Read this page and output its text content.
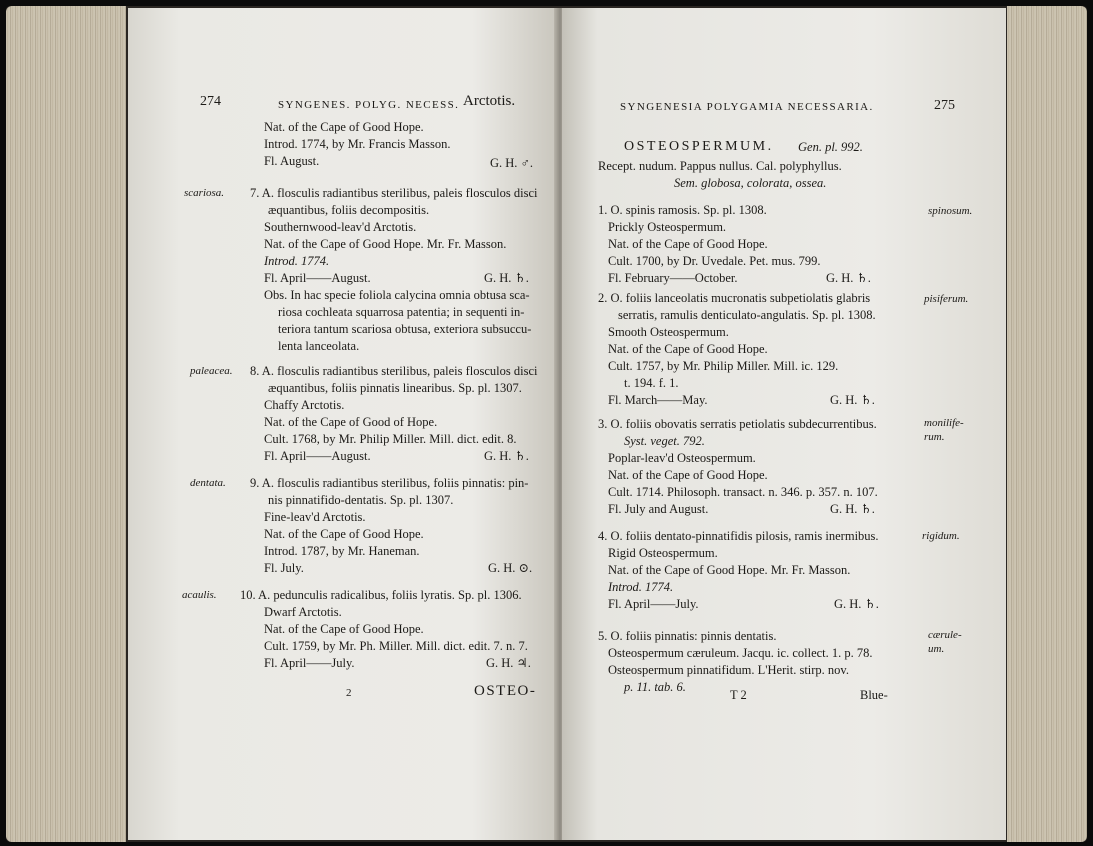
274	SYNGENES. POLYG. NECESS. Arctotis.
Nat. of the Cape of Good Hope.
Introd. 1774, by Mr. Francis Masson.
Fl. August.	G. H. ♂.
scariosa. 7. A. flosculis radiantibus sterilibus, paleis flosculos disci
æquantibus, foliis decompositis.
Southernwood-leav'd Arctotis.
Nat. of the Cape of Good Hope. Mr. Fr. Masson.
Introd. 1774.
Fl. April——August.	G. H. ♄.
Obs. In hac specie foliola calycina omnia obtusa sca-
riosa cochleata squarrosa patentia; in sequenti in-
teriora tantum scariosa obtusa, exteriora subsuccu-
lenta lanceolata.
paleacea. 8. A. flosculis radiantibus sterilibus, paleis flosculos disci
æquantibus, foliis pinnatis linearibus. Sp. pl. 1307.
Chaffy Arctotis.
Nat. of the Cape of Good of Hope.
Cult. 1768, by Mr. Philip Miller. Mill. dict. edit. 8.
Fl. April——August.	G. H. ♄.
dentata. 9. A. flosculis radiantibus sterilibus, foliis pinnatis: pin-
nis pinnatifido-dentatis. Sp. pl. 1307.
Fine-leav'd Arctotis.
Nat. of the Cape of Good Hope.
Introd. 1787, by Mr. Haneman.
Fl. July.	G. H. ⊙.
acaulis. 10. A. pedunculis radicalibus, foliis lyratis. Sp. pl. 1306.
Dwarf Arctotis.
Nat. of the Cape of Good Hope.
Cult. 1759, by Mr. Ph. Miller. Mill. dict. edit. 7. n. 7.
Fl. April——July.	G. H. ♃.
2	OSTEO-
SYNGENESIA POLYGAMIA NECESSARIA.	275
OSTEOSPERMUM. Gen. pl. 992.
Recept. nudum. Pappus nullus. Cal. polyphyllus.
Sem. globosa, colorata, ossea.
spinosum.
1. O. spinis ramosis. Sp. pl. 1308.
Prickly Osteospermum.
Nat. of the Cape of Good Hope.
Cult. 1700, by Dr. Uvedale. Pet. mus. 799.
Fl. February——October.	G. H. ♄.
pisiferum.
2. O. foliis lanceolatis mucronatis subpetiolatis glabris
serratis, ramulis denticulato-angulatis. Sp. pl. 1308.
Smooth Osteospermum.
Nat. of the Cape of Good Hope.
Cult. 1757, by Mr. Philip Miller. Mill. ic. 129.
t. 194. f. 1.
Fl. March——May.	G. H. ♄.
monilife-
rum.
3. O. foliis obovatis serratis petiolatis subdecurrentibus.
Syst. veget. 792.
Poplar-leav'd Osteospermum.
Nat. of the Cape of Good Hope.
Cult. 1714. Philosoph. transact. n. 346. p. 357. n. 107.
Fl. July and August.	G. H. ♄.
rigidum.
4. O. foliis dentato-pinnatifidis pilosis, ramis inermibus.
Rigid Osteospermum.
Nat. of the Cape of Good Hope. Mr. Fr. Masson.
Introd. 1774.
Fl. April——July.	G. H. ♄.
cærule-
um.
5. O. foliis pinnatis: pinnis dentatis.
Osteospermum cæruleum. Jacqu. ic. collect. 1. p. 78.
Osteospermum pinnatifidum. L'Herit. stirp. nov.
p. 11. tab. 6.
T 2	Blue-
